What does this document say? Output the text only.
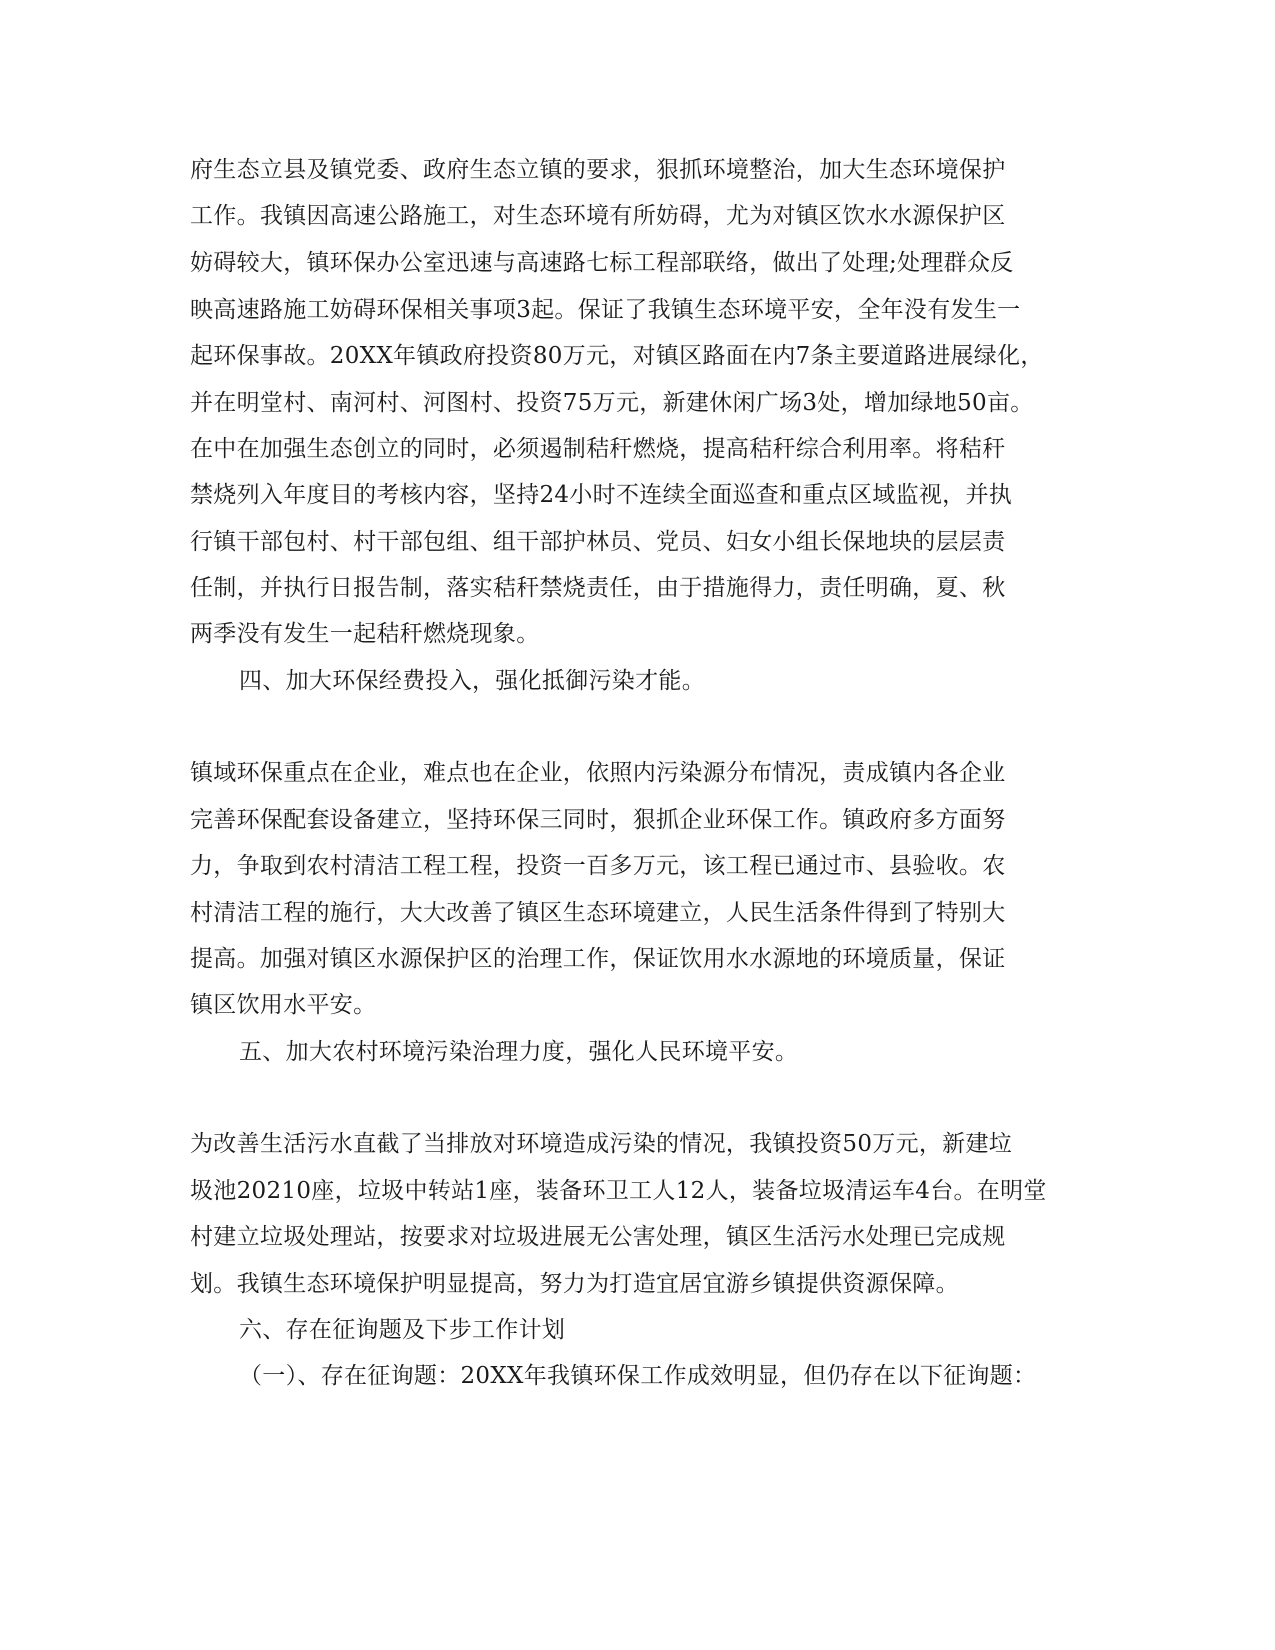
府生态立县及镇党委、政府生态立镇的要求，狠抓环境整治，加大生态环境保护
工作。我镇因高速公路施工，对生态环境有所妨碍，尤为对镇区饮水水源保护区
妨碍较大，镇环保办公室迅速与高速路七标工程部联络，做出了处理;处理群众反
映高速路施工妨碍环保相关事项3起。保证了我镇生态环境平安，全年没有发生一
起环保事故。20XX年镇政府投资80万元，对镇区路面在内7条主要道路进展绿化，
并在明堂村、南河村、河图村、投资75万元，新建休闲广场3处，增加绿地50亩。
在中在加强生态创立的同时，必须遏制秸秆燃烧，提高秸秆综合利用率。将秸秆
禁烧列入年度目的考核内容，坚持24小时不连续全面巡查和重点区域监视，并执
行镇干部包村、村干部包组、组干部护林员、党员、妇女小组长保地块的层层责
任制，并执行日报告制，落实秸秆禁烧责任，由于措施得力，责任明确，夏、秋
两季没有发生一起秸秆燃烧现象。
四、加大环保经费投入，强化抵御污染才能。
镇域环保重点在企业，难点也在企业，依照内污染源分布情况，责成镇内各企业
完善环保配套设备建立，坚持环保三同时，狠抓企业环保工作。镇政府多方面努
力，争取到农村清洁工程工程，投资一百多万元，该工程已通过市、县验收。农
村清洁工程的施行，大大改善了镇区生态环境建立，人民生活条件得到了特别大
提高。加强对镇区水源保护区的治理工作，保证饮用水水源地的环境质量，保证
镇区饮用水平安。
五、加大农村环境污染治理力度，强化人民环境平安。
为改善生活污水直截了当排放对环境造成污染的情况，我镇投资50万元，新建垃
圾池20210座，垃圾中转站1座，装备环卫工人12人，装备垃圾清运车4台。在明堂
村建立垃圾处理站，按要求对垃圾进展无公害处理，镇区生活污水处理已完成规
划。我镇生态环境保护明显提高，努力为打造宜居宜游乡镇提供资源保障。
六、存在征询题及下步工作计划
（一）、存在征询题：20XX年我镇环保工作成效明显，但仍存在以下征询题：
